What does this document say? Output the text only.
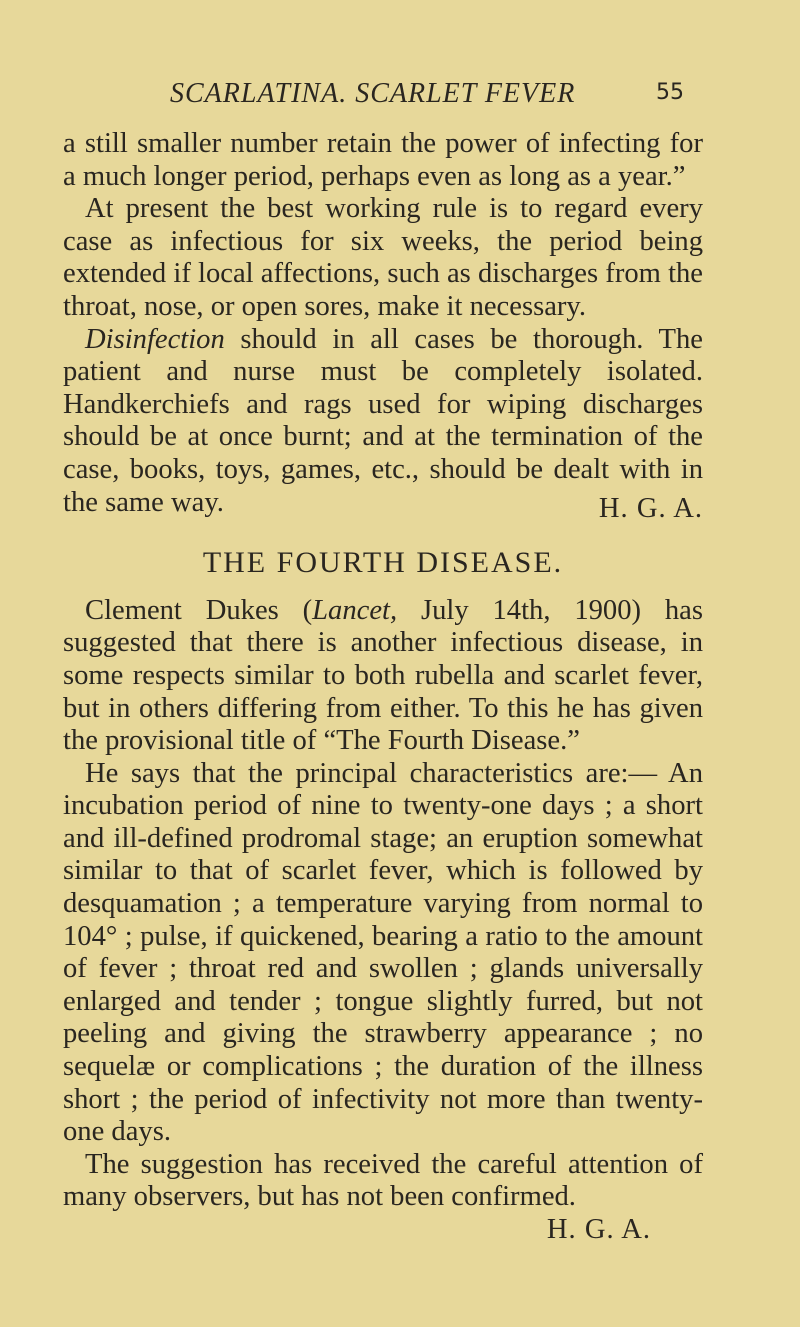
SCARLATINA. SCARLET FEVER	55

a still smaller number retain the power of infecting for a much longer period, perhaps even as long as a year.”

At present the best working rule is to regard every case as infectious for six weeks, the period being extended if local affections, such as discharges from the throat, nose, or open sores, make it necessary.

Disinfection should in all cases be thorough. The patient and nurse must be completely isolated. Handkerchiefs and rags used for wiping discharges should be at once burnt; and at the termination of the case, books, toys, games, etc., should be dealt with in the same way.	H. G. A.

THE FOURTH DISEASE.

Clement Dukes (Lancet, July 14th, 1900) has suggested that there is another infectious disease, in some respects similar to both rubella and scarlet fever, but in others differing from either. To this he has given the provisional title of “The Fourth Disease.”

He says that the principal characteristics are:— An incubation period of nine to twenty-one days ; a short and ill-defined prodromal stage; an eruption somewhat similar to that of scarlet fever, which is followed by desquamation ; a temperature varying from normal to 104° ; pulse, if quickened, bearing a ratio to the amount of fever ; throat red and swollen ; glands universally enlarged and tender ; tongue slightly furred, but not peeling and giving the strawberry appearance ; no sequelæ or complications ; the duration of the illness short ; the period of infectivity not more than twenty-one days.

The suggestion has received the careful attention of many observers, but has not been confirmed.

H. G. A.
